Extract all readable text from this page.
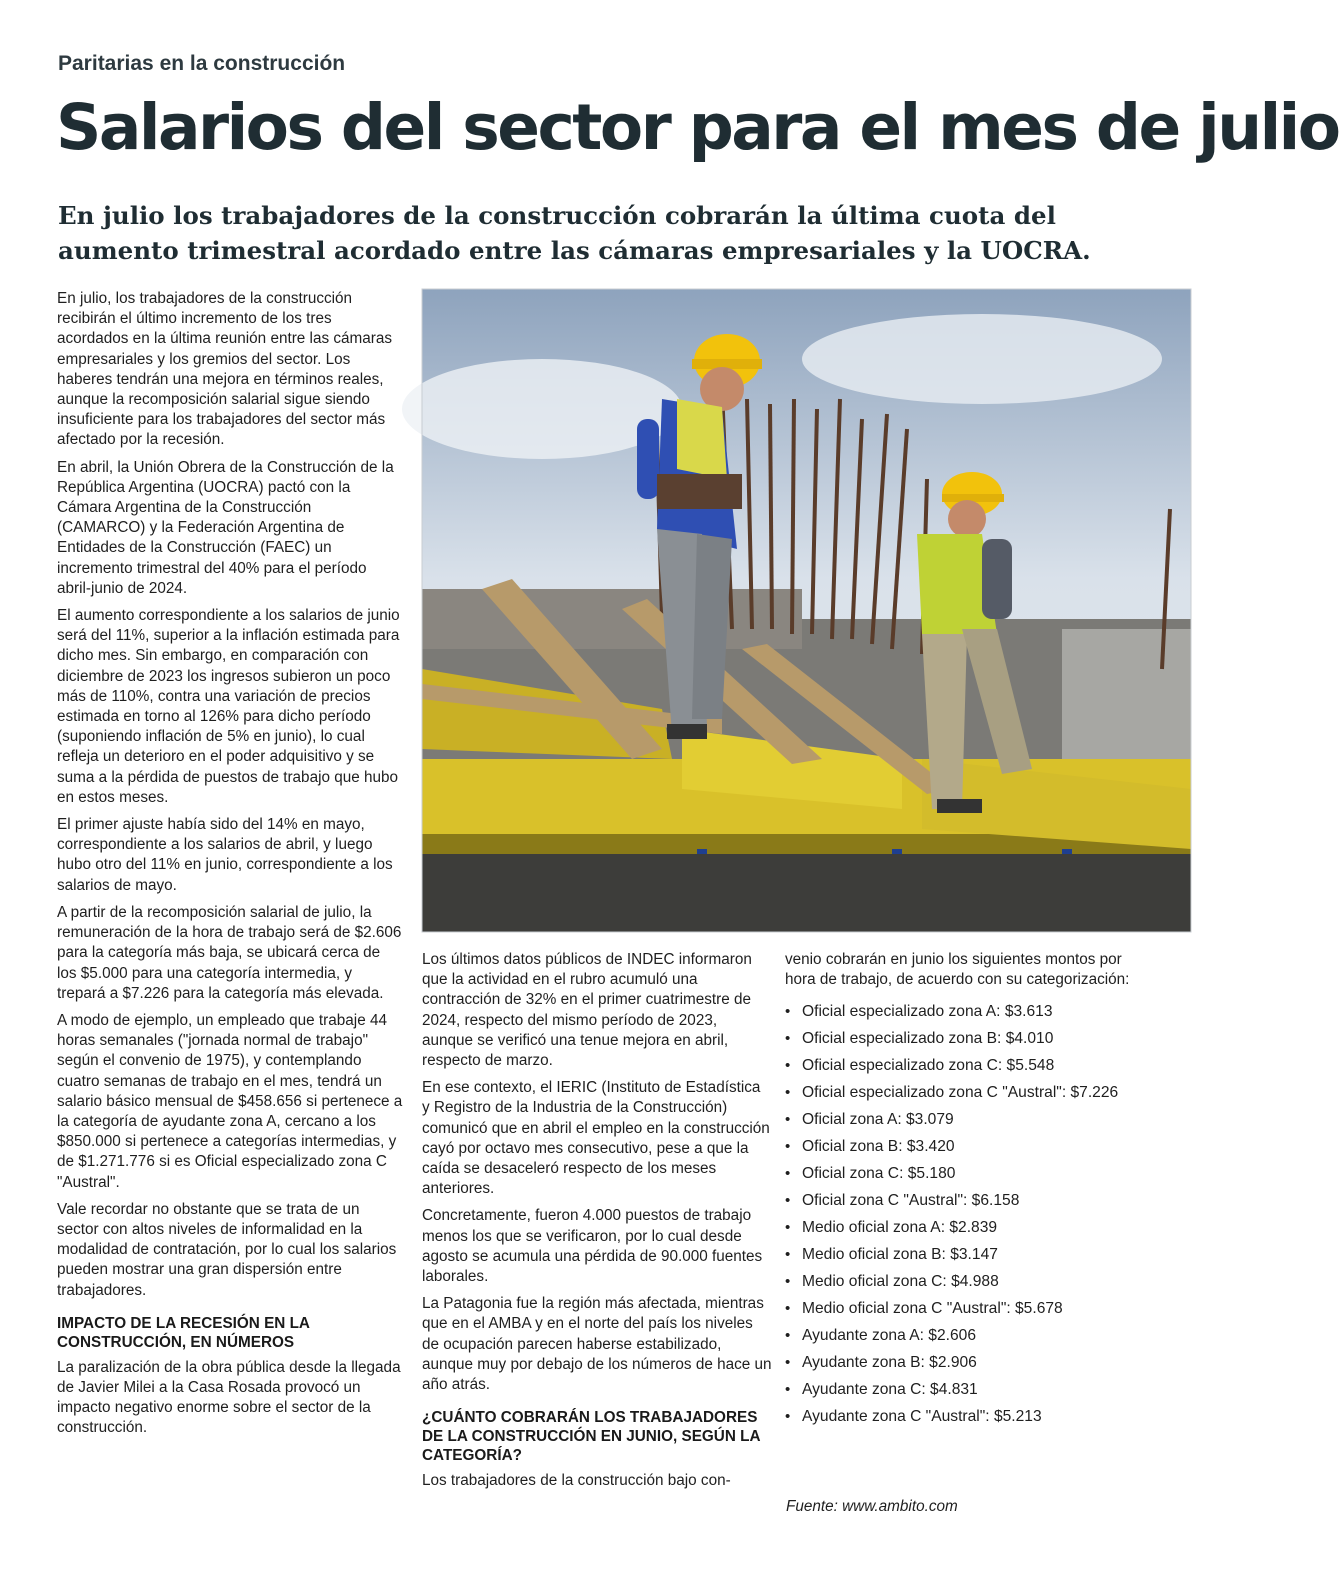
Paritarias en la construcción
Salarios del sector para el mes de julio
En julio los trabajadores de la construcción cobrarán la última cuota del aumento trimestral acordado entre las cámaras empresariales y la UOCRA.

En julio, los trabajadores de la construcción recibirán el último incremento de los tres acordados en la última reunión entre las cámaras empresariales y los gremios del sector. Los haberes tendrán una mejora en términos reales, aunque la recomposición salarial sigue siendo insuficiente para los trabajadores del sector más afectado por la recesión.

En abril, la Unión Obrera de la Construcción de la República Argentina (UOCRA) pactó con la Cámara Argentina de la Construcción (CAMARCO) y la Federación Argentina de Entidades de la Construcción (FAEC) un incremento trimestral del 40% para el período abril-junio de 2024.

El aumento correspondiente a los salarios de junio será del 11%, superior a la inflación estimada para dicho mes. Sin embargo, en comparación con diciembre de 2023 los ingresos subieron un poco más de 110%, contra una variación de precios estimada en torno al 126% para dicho período (suponiendo inflación de 5% en junio), lo cual refleja un deterioro en el poder adquisitivo y se suma a la pérdida de puestos de trabajo que hubo en estos meses.

El primer ajuste había sido del 14% en mayo, correspondiente a los salarios de abril, y luego hubo otro del 11% en junio, correspondiente a los salarios de mayo.

A partir de la recomposición salarial de julio, la remuneración de la hora de trabajo será de $2.606 para la categoría más baja, se ubicará cerca de los $5.000 para una categoría intermedia, y trepará a $7.226 para la categoría más elevada.

A modo de ejemplo, un empleado que trabaje 44 horas semanales ("jornada normal de trabajo" según el convenio de 1975), y contemplando cuatro semanas de trabajo en el mes, tendrá un salario básico mensual de $458.656 si pertenece a la categoría de ayudante zona A, cercano a los $850.000 si pertenece a categorías intermedias, y de $1.271.776 si es Oficial especializado zona C "Austral".

Vale recordar no obstante que se trata de un sector con altos niveles de informalidad en la modalidad de contratación, por lo cual los salarios pueden mostrar una gran dispersión entre trabajadores.

IMPACTO DE LA RECESIÓN EN LA CONSTRUCCIÓN, EN NÚMEROS

La paralización de la obra pública desde la llegada de Javier Milei a la Casa Rosada provocó un impacto negativo enorme sobre el sector de la construcción.

Los últimos datos públicos de INDEC informaron que la actividad en el rubro acumuló una contracción de 32% en el primer cuatrimestre de 2024, respecto del mismo período de 2023, aunque se verificó una tenue mejora en abril, respecto de marzo.

En ese contexto, el IERIC (Instituto de Estadística y Registro de la Industria de la Construcción) comunicó que en abril el empleo en la construcción cayó por octavo mes consecutivo, pese a que la caída se desaceleró respecto de los meses anteriores.

Concretamente, fueron 4.000 puestos de trabajo menos los que se verificaron, por lo cual desde agosto se acumula una pérdida de 90.000 fuentes laborales.

La Patagonia fue la región más afectada, mientras que en el AMBA y en el norte del país los niveles de ocupación parecen haberse estabilizado, aunque muy por debajo de los números de hace un año atrás.

¿CUÁNTO COBRARÁN LOS TRABAJADORES DE LA CONSTRUCCIÓN EN JUNIO, SEGÚN LA CATEGORÍA?

Los trabajadores de la construcción bajo con-

venio cobrarán en junio los siguientes montos por hora de trabajo, de acuerdo con su categorización:

• Oficial especializado zona A: $3.613
• Oficial especializado zona B: $4.010
• Oficial especializado zona C: $5.548
• Oficial especializado zona C "Austral": $7.226
• Oficial zona A: $3.079
• Oficial zona B: $3.420
• Oficial zona C: $5.180
• Oficial zona C "Austral": $6.158
• Medio oficial zona A: $2.839
• Medio oficial zona B: $3.147
• Medio oficial zona C: $4.988
• Medio oficial zona C "Austral": $5.678
• Ayudante zona A: $2.606
• Ayudante zona B: $2.906
• Ayudante zona C: $4.831
• Ayudante zona C "Austral": $5.213
Fuente: www.ambito.com
